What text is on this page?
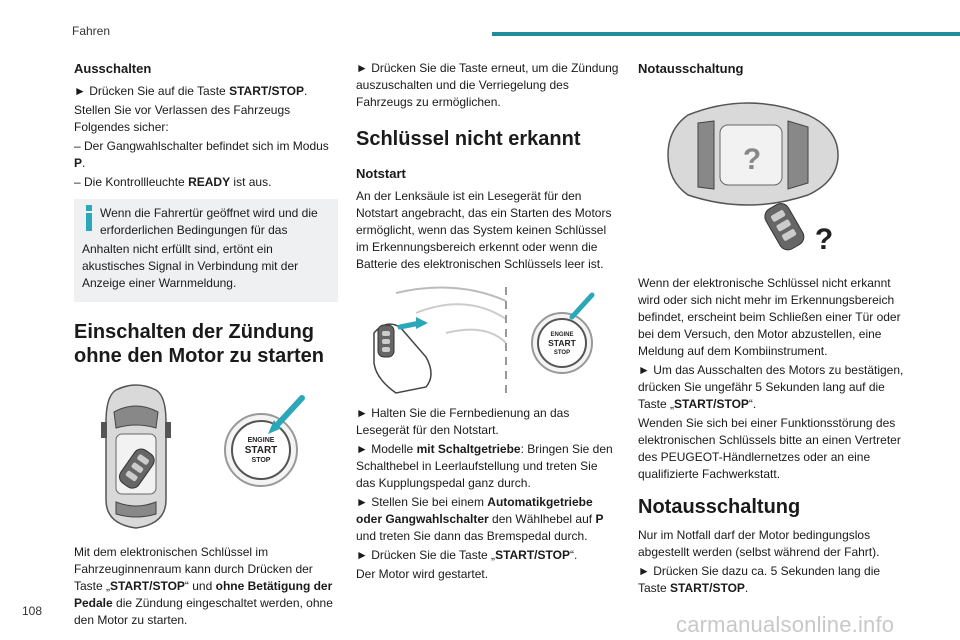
Fahren
Ausschalten

► Drücken Sie auf die Taste START/STOP.

Stellen Sie vor Verlassen des Fahrzeugs Folgendes sicher:

– Der Gangwahlschalter befindet sich im Modus P.

– Die Kontrollleuchte READY ist aus.

Wenn die Fahrertür geöffnet wird und die erforderlichen Bedingungen für das

Anhalten nicht erfüllt sind, ertönt ein akustisches Signal in Verbindung mit der Anzeige einer Warnmeldung.

Einschalten der Zündung ohne den Motor zu starten
ENGINE
START
STOP

Mit dem elektronischen Schlüssel im Fahrzeuginnenraum kann durch Drücken der Taste „START/STOP“ und ohne Betätigung der Pedale die Zündung eingeschaltet werden, ohne den Motor zu starten.

► Drücken Sie die Taste erneut, um die Zündung auszuschalten und die Verriegelung des Fahrzeugs zu ermöglichen.

Schlüssel nicht erkannt
Notstart

An der Lenksäule ist ein Lesegerät für den Notstart angebracht, das ein Starten des Motors ermöglicht, wenn das System keinen Schlüssel im Erkennungsbereich erkennt oder wenn die Batterie des elektronischen Schlüssels leer ist.

ENGINE
START
STOP

► Halten Sie die Fernbedienung an das Lesegerät für den Notstart.

► Modelle mit Schaltgetriebe: Bringen Sie den Schalthebel in Leerlaufstellung und treten Sie das Kupplungspedal ganz durch.

► Stellen Sie bei einem Automatikgetriebe oder Gangwahlschalter den Wählhebel auf P und treten Sie dann das Bremspedal durch.

► Drücken Sie die Taste „START/STOP“.

Der Motor wird gestartet.

Notausschaltung
?
?

Wenn der elektronische Schlüssel nicht erkannt wird oder sich nicht mehr im Erkennungsbereich befindet, erscheint beim Schließen einer Tür oder bei dem Versuch, den Motor abzustellen, eine Meldung auf dem Kombiinstrument.

► Um das Ausschalten des Motors zu bestätigen, drücken Sie ungefähr 5 Sekunden lang auf die Taste „START/STOP“.

Wenden Sie sich bei einer Funktionsstörung des elektronischen Schlüssels bitte an einen Vertreter des PEUGEOT-Händlernetzes oder an eine qualifizierte Fachwerkstatt.

Notausschaltung

Nur im Notfall darf der Motor bedingungslos abgestellt werden (selbst während der Fahrt).

► Drücken Sie dazu ca. 5 Sekunden lang die Taste START/STOP.

108
carmanualsonline.info
